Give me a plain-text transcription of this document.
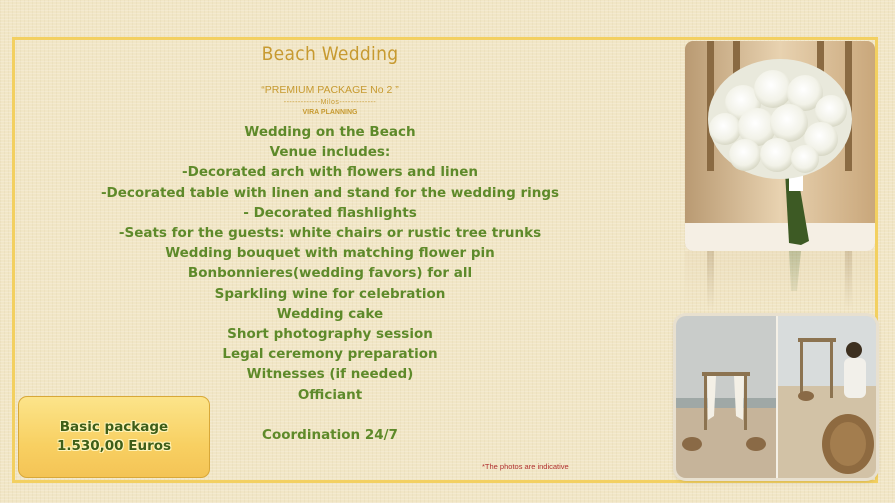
Beach Wedding
“PREMIUM PACKAGE No 2 ”
-------------Milos-------------
VIRA PLANNING
Wedding on the Beach
Venue includes:
-Decorated arch with flowers and linen
-Decorated table with linen and stand for the wedding rings
- Decorated flashlights
-Seats for the guests: white chairs or rustic tree trunks
Wedding bouquet with matching flower pin
Bonbonnieres(wedding favors) for all
Sparkling wine for celebration
Wedding cake
Short photography session
Legal ceremony preparation
Witnesses (if needed)
Officiant
Coordination 24/7
Basic package
1.530,00 Euros
*The photos are indicative
